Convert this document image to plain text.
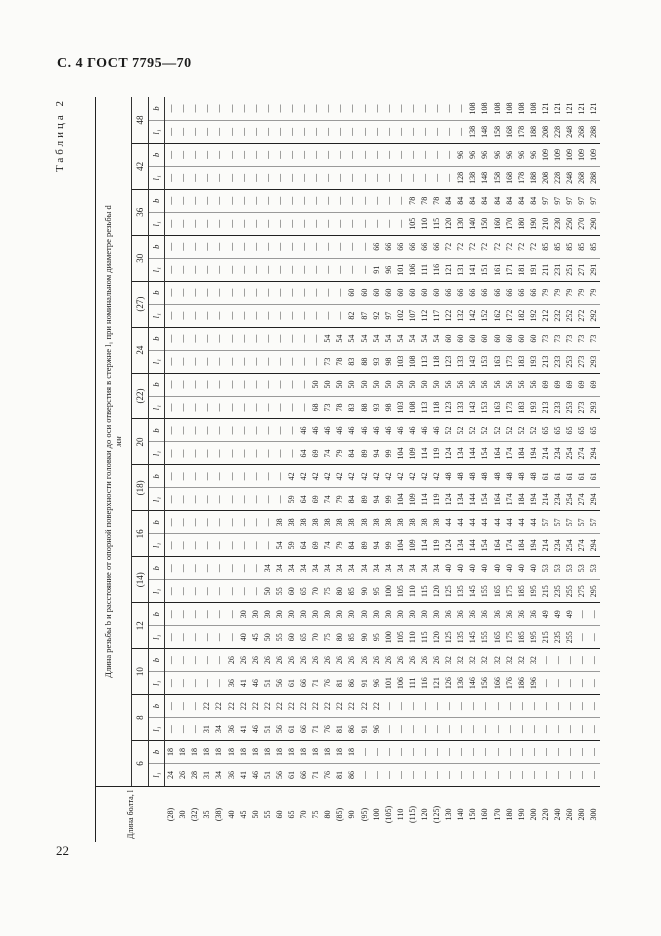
С. 4 ГОСТ 7795—70
Таблица 2
Длина болта, l	Длина резьбы b и расстояние от опорной поверхности головки до оси отверстия в стержне l₁ при номинальном диаметре резьбы d мм																													

	6		8		10		12		(14)		16		(18)		20		(22)		24		(27)		30		36		42		48	
	l₁	b	l₁	b	l₁	b	l₁	b	l₁	b	l₁	b	l₁	b	l₁	b	l₁	b	l₁	b	l₁	b	l₁	b	l₁	b	l₁	b	l₁	b
(28)	24	18	—	—	—	—	—	—	—	—	—	—	—	—	—	—	—	—	—	—	—	—	—	—	—	—	—	—	—	—
30	26	18	—	—	—	—	—	—	—	—	—	—	—	—	—	—	—	—	—	—	—	—	—	—	—	—	—	—	—	—
(32)	28	18	—	—	—	—	—	—	—	—	—	—	—	—	—	—	—	—	—	—	—	—	—	—	—	—	—	—	—	—
35	31	18	31	22	—	—	—	—	—	—	—	—	—	—	—	—	—	—	—	—	—	—	—	—	—	—	—	—	—	—
(38)	34	18	34	22	—	—	—	—	—	—	—	—	—	—	—	—	—	—	—	—	—	—	—	—	—	—	—	—	—	—
40	36	18	36	22	36	26	—	—	—	—	—	—	—	—	—	—	—	—	—	—	—	—	—	—	—	—	—	—	—	—
45	41	18	41	22	41	26	40	30	—	—	—	—	—	—	—	—	—	—	—	—	—	—	—	—	—	—	—	—	—	—
50	46	18	46	22	46	26	45	30	—	—	—	—	—	—	—	—	—	—	—	—	—	—	—	—	—	—	—	—	—	—
55	51	18	51	22	51	26	50	30	50	34	—	—	—	—	—	—	—	—	—	—	—	—	—	—	—	—	—	—	—	—
60	56	18	56	22	56	26	55	30	55	34	54	38	—	—	—	—	—	—	—	—	—	—	—	—	—	—	—	—	—	—
65	61	18	61	22	61	26	60	30	60	34	59	38	59	42	—	—	—	—	—	—	—	—	—	—	—	—	—	—	—	—
70	66	18	66	22	66	26	65	30	65	34	64	38	64	42	64	46	—	—	—	—	—	—	—	—	—	—	—	—	—	—
75	71	18	71	22	71	26	70	30	70	34	69	38	69	42	69	46	68	50	—	—	—	—	—	—	—	—	—	—	—	—
80	76	18	76	22	76	26	75	30	75	34	74	38	74	42	74	46	73	50	73	54	—	—	—	—	—	—	—	—	—	—
(85)	81	18	81	22	81	26	80	30	80	34	79	38	79	42	79	46	78	50	78	54	—	—	—	—	—	—	—	—	—	—
90	86	18	86	22	86	26	85	30	85	34	84	38	84	42	84	46	83	50	83	54	82	60	—	—	—	—	—	—	—	—
(95)	—	—	91	22	91	26	90	30	90	34	89	38	89	42	89	46	88	50	88	54	87	60	—	—	—	—	—	—	—	—
100	—	—	96	22	96	26	95	30	95	34	94	38	94	42	94	46	93	50	93	54	92	60	91	66	—	—	—	—	—	—
(105)	—	—	—	—	101	26	100	30	100	34	99	38	99	42	99	46	98	50	98	54	97	60	96	66	—	—	—	—	—	—
110	—	—	—	—	106	26	105	30	105	34	104	38	104	42	104	46	103	50	103	54	102	60	101	66	—	—	—	—	—	—
(115)	—	—	—	—	111	26	110	30	110	34	109	38	109	42	109	46	108	50	108	54	107	60	106	66	105	78	—	—	—	—
120	—	—	—	—	116	26	115	30	115	34	114	38	114	42	114	46	113	50	113	54	112	60	111	66	110	78	—	—	—	—
(125)	—	—	—	—	121	26	120	30	120	34	119	38	119	42	119	46	118	50	118	54	117	60	116	66	115	78	—	—	—	—
130	—	—	—	—	126	32	125	36	125	40	124	44	124	48	124	52	123	56	123	60	122	66	121	72	120	84	—	—	—	—
140	—	—	—	—	136	32	135	36	135	40	134	44	134	48	134	52	133	56	133	60	132	66	131	72	130	84	128	96	—	—
150	—	—	—	—	146	32	145	36	145	40	144	44	144	48	144	52	143	56	143	60	142	66	141	72	140	84	138	96	138	108
160	—	—	—	—	156	32	155	36	155	40	154	44	154	48	154	52	153	56	153	60	152	66	151	72	150	84	148	96	148	108
170	—	—	—	—	166	32	165	36	165	40	164	44	164	48	164	52	163	56	163	60	162	66	161	72	160	84	158	96	158	108
180	—	—	—	—	176	32	175	36	175	40	174	44	174	48	174	52	173	56	173	60	172	66	171	72	170	84	168	96	168	108
190	—	—	—	—	186	32	185	36	185	40	184	44	184	48	184	52	183	56	183	60	182	66	181	72	180	84	178	96	178	108
200	—	—	—	—	196	32	195	36	195	40	194	44	194	48	194	52	193	56	193	60	192	66	191	72	190	84	188	96	188	108
220	—	—	—	—	—	—	215	49	215	53	214	57	214	61	214	65	213	69	213	73	212	79	211	85	210	97	208	109	208	121
240	—	—	—	—	—	—	235	49	235	53	234	57	234	61	234	65	233	69	233	73	232	79	231	85	230	97	228	109	228	121
260	—	—	—	—	—	—	255	49	255	53	254	57	254	61	254	65	253	69	253	73	252	79	251	85	250	97	248	109	248	121
280	—	—	—	—	—	—	—	—	275	53	274	57	274	61	274	65	273	69	273	73	272	79	271	85	270	97	268	109	268	121
300	—	—	—	—	—	—	—	—	295	53	294	57	294	61	294	65	293	69	293	73	292	79	291	85	290	97	288	109	288	121
22
